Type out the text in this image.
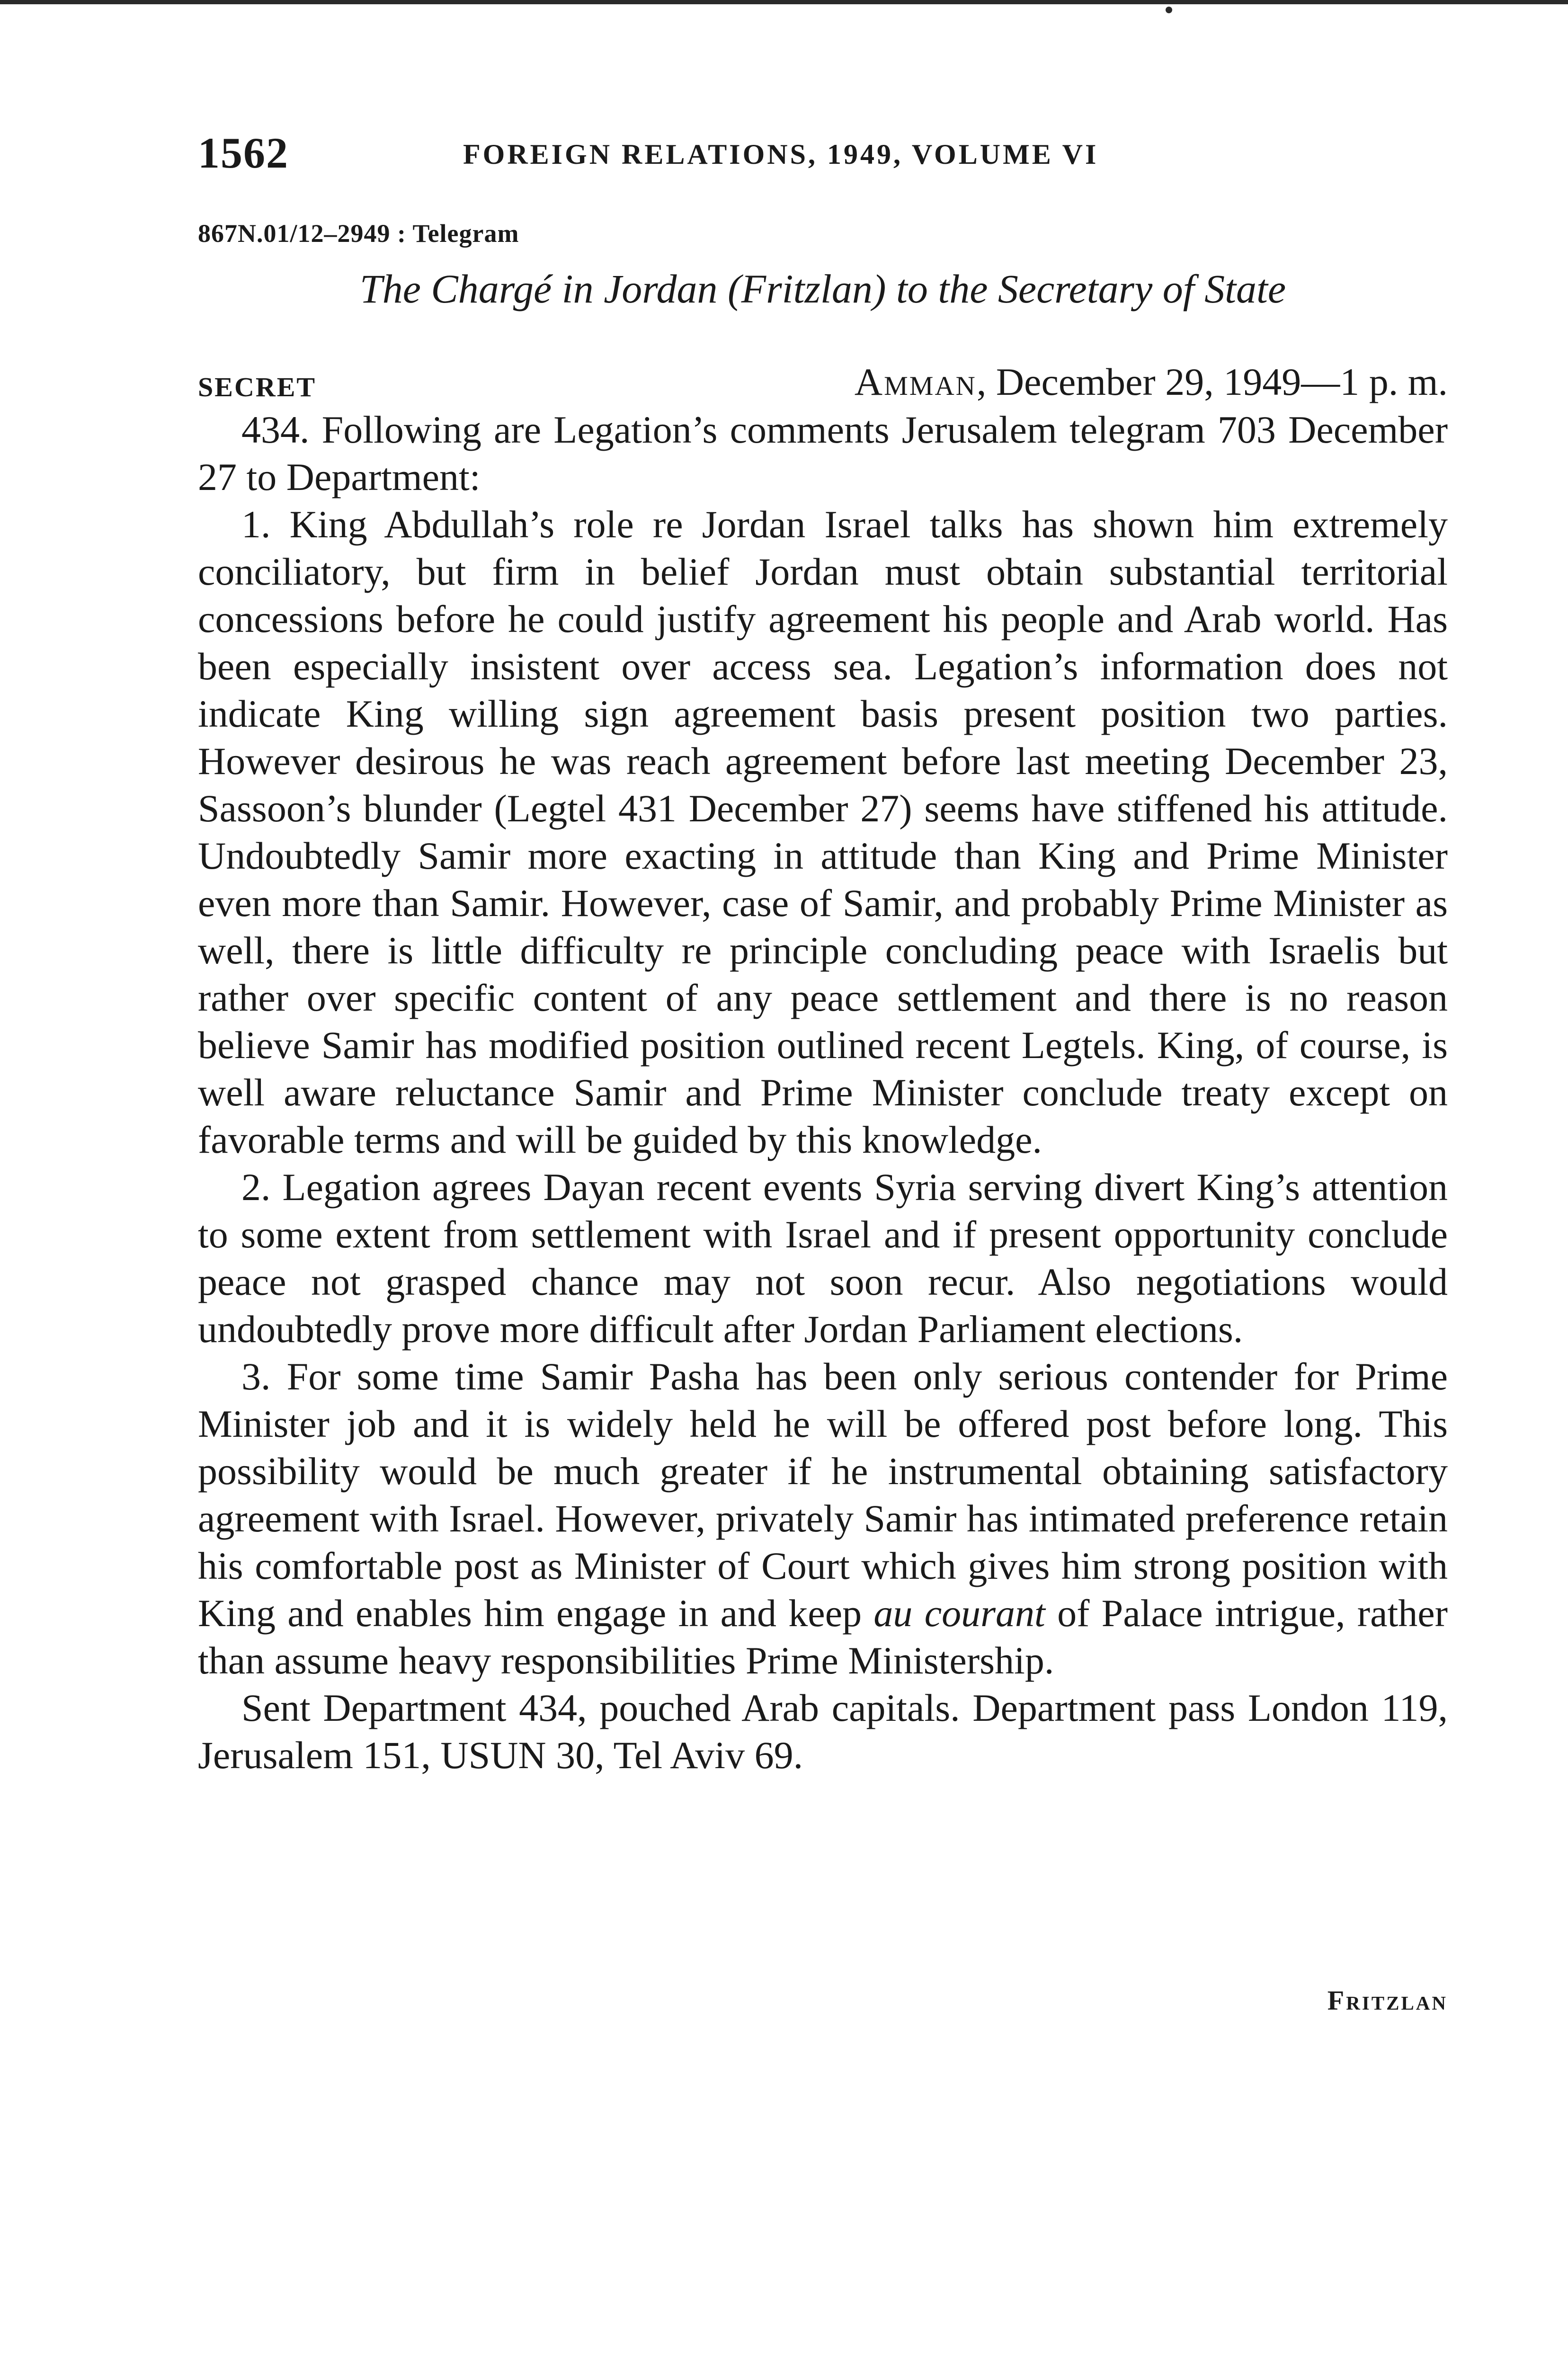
1562	FOREIGN RELATIONS, 1949, VOLUME VI
867N.01/12–2949 : Telegram
The Chargé in Jordan (Fritzlan) to the Secretary of State
SECRET	Amman, December 29, 1949—1 p. m.

434. Following are Legation’s comments Jerusalem telegram 703 December 27 to Department:

1. King Abdullah’s role re Jordan Israel talks has shown him extremely conciliatory, but firm in belief Jordan must obtain substantial territorial concessions before he could justify agreement his people and Arab world. Has been especially insistent over access sea. Legation’s information does not indicate King willing sign agreement basis present position two parties. However desirous he was reach agreement before last meeting December 23, Sassoon’s blunder (Legtel 431 December 27) seems have stiffened his attitude. Undoubtedly Samir more exacting in attitude than King and Prime Minister even more than Samir. However, case of Samir, and probably Prime Minister as well, there is little difficulty re principle concluding peace with Israelis but rather over specific content of any peace settlement and there is no reason believe Samir has modified position outlined recent Legtels. King, of course, is well aware reluctance Samir and Prime Minister conclude treaty except on favorable terms and will be guided by this knowledge.

2. Legation agrees Dayan recent events Syria serving divert King’s attention to some extent from settlement with Israel and if present opportunity conclude peace not grasped chance may not soon recur. Also negotiations would undoubtedly prove more difficult after Jordan Parliament elections.

3. For some time Samir Pasha has been only serious contender for Prime Minister job and it is widely held he will be offered post before long. This possibility would be much greater if he instrumental obtaining satisfactory agreement with Israel. However, privately Samir has intimated preference retain his comfortable post as Minister of Court which gives him strong position with King and enables him engage in and keep au courant of Palace intrigue, rather than assume heavy responsibilities Prime Ministership.

Sent Department 434, pouched Arab capitals. Department pass London 119, Jerusalem 151, USUN 30, Tel Aviv 69.

Fritzlan
